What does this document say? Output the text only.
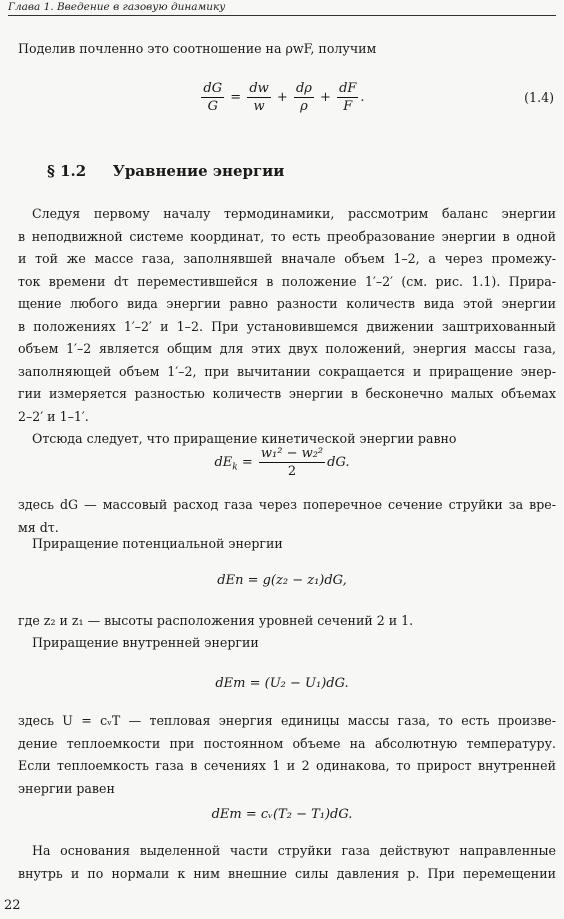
Глава 1. Введение в газовую динамику
Поделив почленно это соотношение на ρwF, получим
$\frac{dG}{G} = \frac{dw}{w} + \frac{d\rho}{\rho} + \frac{dF}{F}$ .	(1.4)
§ 1.2 Уравнение энергии
Следуя первому началу термодинамики, рассмотрим баланс энергии
в неподвижной системе координат, то есть преобразование энергии в одной
и той же массе газа, заполнявшей вначале объем 1–2, а через промежу-
ток времени dτ переместившейся в положение 1′–2′ (см. рис. 1.1). Прира-
щение любого вида энергии равно разности количеств вида этой энергии
в положениях 1′–2′ и 1–2. При установившемся движении заштрихованный
объем 1′–2 является общим для этих двух положений, энергия массы газа,
заполняющей объем 1′–2, при вычитании сокращается и приращение энер-
гии измеряется разностью количеств энергии в бесконечно малых объемах
2–2′ и 1–1′.
Отсюда следует, что приращение кинетической энергии равно
$dE_k = \frac{\text{w₁² − w₂²}}{2}$ dG.
здесь dG — массовый расход газа через поперечное сечение струйки за вре-
мя dτ.
Приращение потенциальной энергии
dEп = g(z₂ − z₁)dG,
где z₂ и z₁ — высоты расположения уровней сечений 2 и 1.
Приращение внутренней энергии
dEm = (U₂ − U₁)dG.
здесь U = cᵥT — тепловая энергия единицы массы газа, то есть произве-
дение теплоемкости при постоянном объеме на абсолютную температуру.
Если теплоемкость газа в сечениях 1 и 2 одинакова, то прирост внутренней
энергии равен
dEm = cᵥ(T₂ − T₁)dG.
На основания выделенной части струйки газа действуют направленные
внутрь и по нормали к ним внешние силы давления p. При перемещении
22
